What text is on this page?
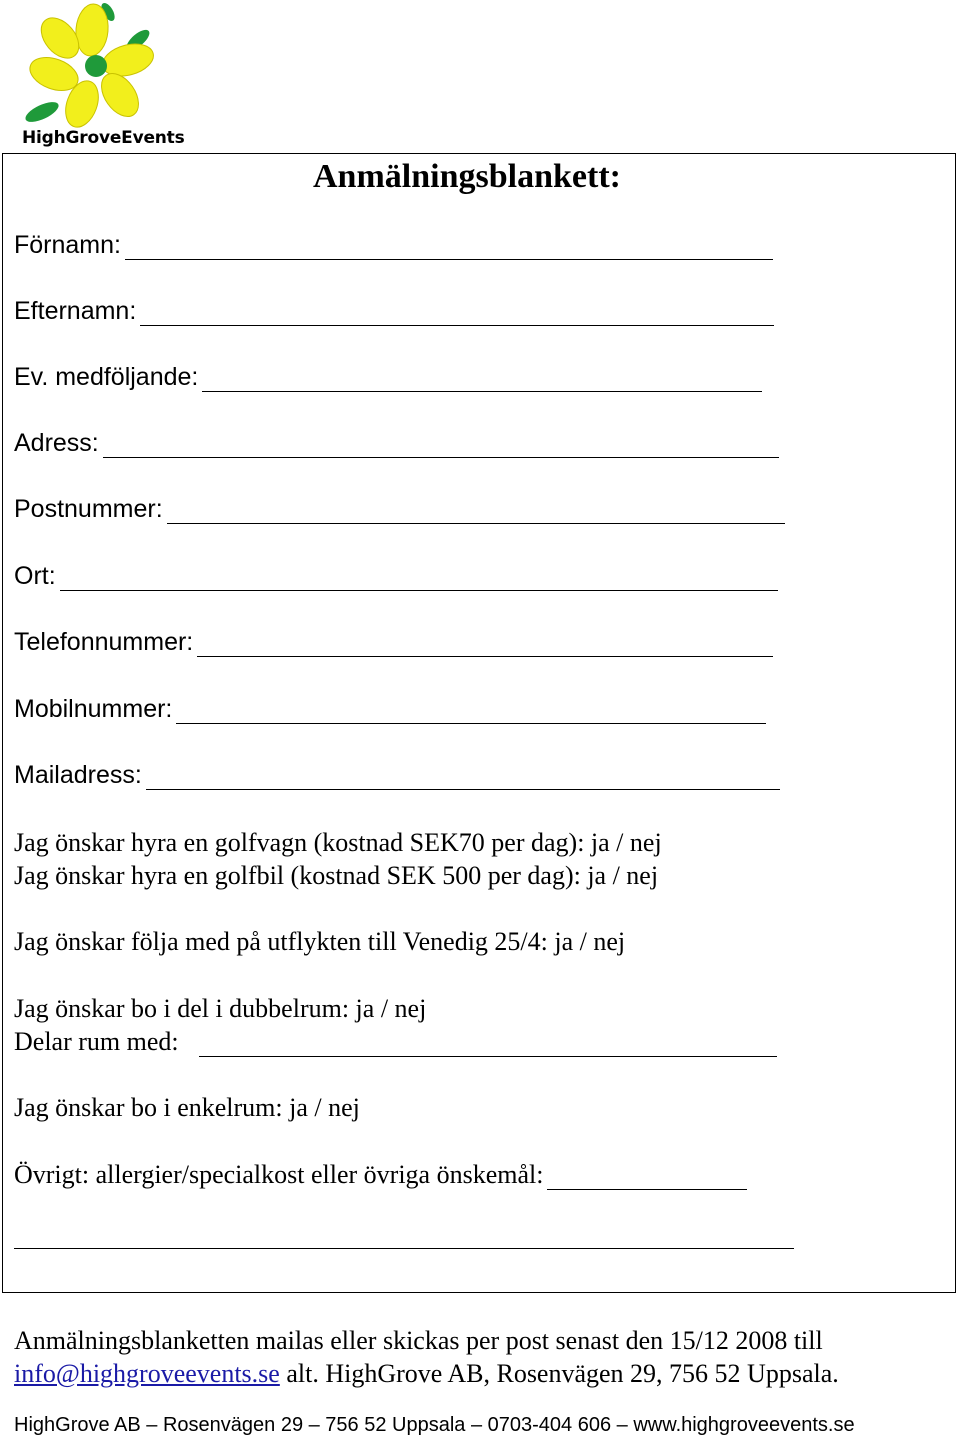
HighGroveEvents
Anmälningsblankett:
Förnamn:
Efternamn:
Ev. medföljande:
Adress:
Postnummer:
Ort:
Telefonnummer:
Mobilnummer:
Mailadress:
Jag önskar hyra en golfvagn (kostnad SEK70 per dag): ja / nej
Jag önskar hyra en golfbil (kostnad SEK 500 per dag): ja / nej
Jag önskar följa med på utflykten till Venedig 25/4: ja / nej
Jag önskar bo i del i dubbelrum: ja / nej
Delar rum med:
Jag önskar bo i enkelrum: ja / nej
Övrigt: allergier/specialkost eller övriga önskemål:
Anmälningsblanketten mailas eller skickas per post senast den 15/12 2008 till
info@highgroveevents.se alt. HighGrove AB, Rosenvägen 29, 756 52 Uppsala.
HighGrove AB – Rosenvägen 29 – 756 52 Uppsala – 0703-404 606 – www.highgroveevents.se
